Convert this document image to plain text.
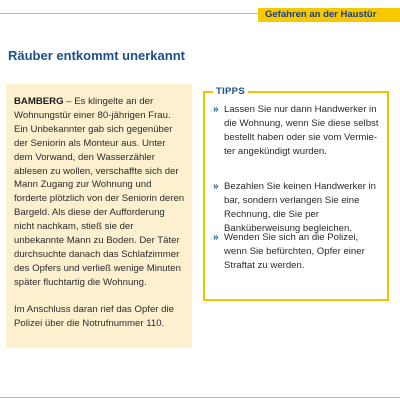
Gefahren an der Haustür
Räuber entkommt unerkannt

BAMBERG – Es klingelte an der Wohnungstür einer 80-jährigen Frau. Ein Unbekannter gab sich gegenüber der Seniorin als Monteur aus. Unter dem Vorwand, den Wasserzähler ablesen zu wollen, verschaffte sich der Mann Zugang zur Wohnung und forderte plötzlich von der Seniorin deren Bargeld. Als diese der Aufforderung nicht nachkam, stieß sie der unbekannte Mann zu Boden. Der Täter durchsuchte danach das Schlafzimmer des Opfers und verließ wenige Minuten später fluchtartig die Wohnung.

Im Anschluss daran rief das Opfer die Polizei über die Notrufnummer 110.

TIPPS
» Lassen Sie nur dann Handwerker in die Wohnung, wenn Sie diese selbst bestellt haben oder sie vom Vermieter angekündigt wurden.
» Bezahlen Sie keinen Handwerker in bar, sondern verlangen Sie eine Rechnung, die Sie per Banküberweisung begleichen.
» Wenden Sie sich an die Polizei, wenn Sie befürchten, Opfer einer Straftat zu werden.
